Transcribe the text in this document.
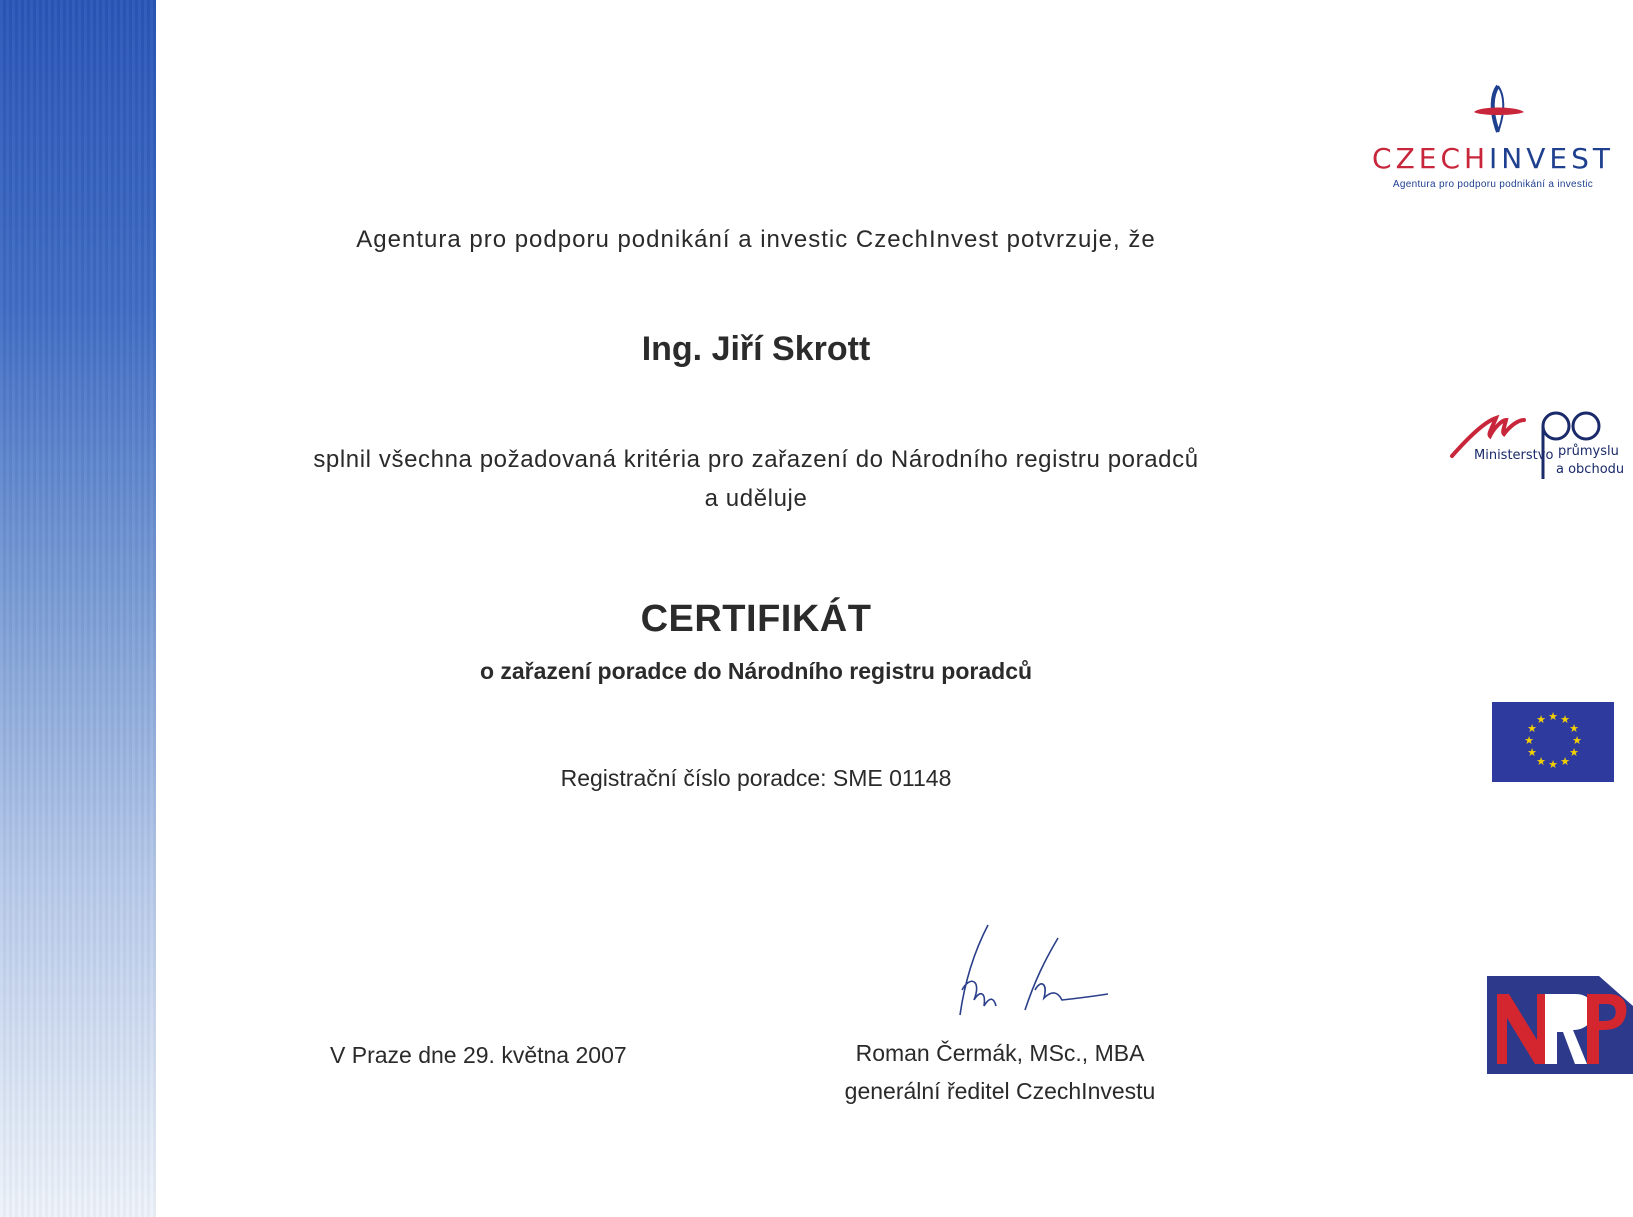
Agentura pro podporu podnikání a investic CzechInvest potvrzuje, že
Ing. Jiří Skrott
splnil všechna požadovaná kritéria pro zařazení do Národního registru poradců
a uděluje
CERTIFIKÁT
o zařazení poradce do Národního registru poradců
Registrační číslo poradce: SME 01148
V Praze dne 29. května 2007	Roman Čermák, MSc., MBA
generální ředitel CzechInvestu
CZECHINVEST
Agentura pro podporu podnikání a investic
Ministerstvo průmyslu
a obchodu
★ ★
★
★
★
★
★
★
★
★
★
★
